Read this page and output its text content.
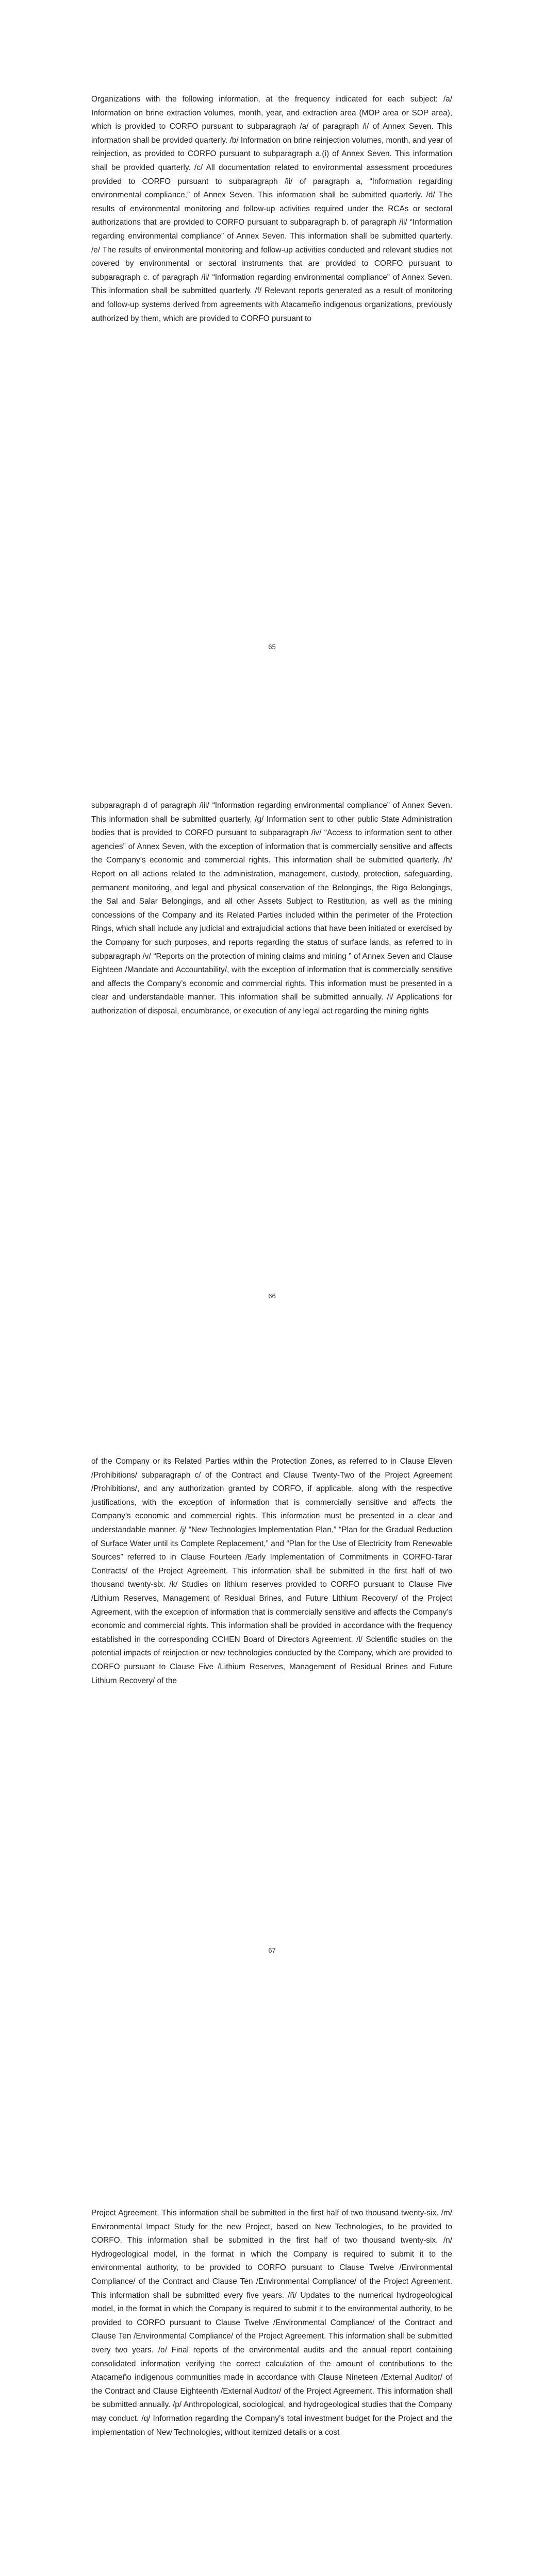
Organizations with the following information, at the frequency indicated for each subject: /a/ Information on brine extraction volumes, month, year, and extraction area (MOP area or SOP area), which is provided to CORFO pursuant to subparagraph /a/ of paragraph /i/ of Annex Seven. This information shall be provided quarterly. /b/ Information on brine reinjection volumes, month, and year of reinjection, as provided to CORFO pursuant to subparagraph a.(i) of Annex Seven. This information shall be provided quarterly. /c/ All documentation related to environmental assessment procedures provided to CORFO pursuant to subparagraph /ii/ of paragraph a, “Information regarding environmental compliance,” of Annex Seven. This information shall be submitted quarterly. /d/ The results of environmental monitoring and follow-up activities required under the RCAs or sectoral authorizations that are provided to CORFO pursuant to subparagraph b. of paragraph /ii/ “Information regarding environmental compliance” of Annex Seven. This information shall be submitted quarterly. /e/ The results of environmental monitoring and follow-up activities conducted and relevant studies not covered by environmental or sectoral instruments that are provided to CORFO pursuant to subparagraph c. of paragraph /ii/ “Information regarding environmental compliance” of Annex Seven. This information shall be submitted quarterly. /f/ Relevant reports generated as a result of monitoring and follow-up systems derived from agreements with Atacameño indigenous organizations, previously authorized by them, which are provided to CORFO pursuant to

65

subparagraph d of paragraph /iii/ “Information regarding environmental compliance” of Annex Seven. This information shall be submitted quarterly. /g/ Information sent to other public State Administration bodies that is provided to CORFO pursuant to subparagraph /iv/ “Access to information sent to other agencies” of Annex Seven, with the exception of information that is commercially sensitive and affects the Company’s economic and commercial rights. This information shall be submitted quarterly. /h/ Report on all actions related to the administration, management, custody, protection, safeguarding, permanent monitoring, and legal and physical conservation of the Belongings, the Rigo Belongings, the Sal and Salar Belongings, and all other Assets Subject to Restitution, as well as the mining concessions of the Company and its Related Parties included within the perimeter of the Protection Rings, which shall include any judicial and extrajudicial actions that have been initiated or exercised by the Company for such purposes, and reports regarding the status of surface lands, as referred to in subparagraph /v/ “Reports on the protection of mining claims and mining ” of Annex Seven and Clause Eighteen /Mandate and Accountability/, with the exception of information that is commercially sensitive and affects the Company’s economic and commercial rights. This information must be presented in a clear and understandable manner. This information shall be submitted annually. /i/ Applications for authorization of disposal, encumbrance, or execution of any legal act regarding the mining rights

66

of the Company or its Related Parties within the Protection Zones, as referred to in Clause Eleven /Prohibitions/ subparagraph c/ of the Contract and Clause Twenty-Two of the Project Agreement /Prohibitions/, and any authorization granted by CORFO, if applicable, along with the respective justifications, with the exception of information that is commercially sensitive and affects the Company’s economic and commercial rights. This information must be presented in a clear and understandable manner. /j/ “New Technologies Implementation Plan,” “Plan for the Gradual Reduction of Surface Water until its Complete Replacement,” and “Plan for the Use of Electricity from Renewable Sources” referred to in Clause Fourteen /Early Implementation of Commitments in CORFO-Tarar Contracts/ of the Project Agreement. This information shall be submitted in the first half of two thousand twenty-six. /k/ Studies on lithium reserves provided to CORFO pursuant to Clause Five /Lithium Reserves, Management of Residual Brines, and Future Lithium Recovery/ of the Project Agreement, with the exception of information that is commercially sensitive and affects the Company’s economic and commercial rights. This information shall be provided in accordance with the frequency established in the corresponding CCHEN Board of Directors Agreement. /l/ Scientific studies on the potential impacts of reinjection or new technologies conducted by the Company, which are provided to CORFO pursuant to Clause Five /Lithium Reserves, Management of Residual Brines and Future Lithium Recovery/ of the

67

Project Agreement. This information shall be submitted in the first half of two thousand twenty-six. /m/ Environmental Impact Study for the new Project, based on New Technologies, to be provided to CORFO. This information shall be submitted in the first half of two thousand twenty-six. /n/ Hydrogeological model, in the format in which the Company is required to submit it to the environmental authority, to be provided to CORFO pursuant to Clause Twelve /Environmental Compliance/ of the Contract and Clause Ten /Environmental Compliance/ of the Project Agreement. This information shall be submitted every five years. /ñ/ Updates to the numerical hydrogeological model, in the format in which the Company is required to submit it to the environmental authority, to be provided to CORFO pursuant to Clause Twelve /Environmental Compliance/ of the Contract and Clause Ten /Environmental Compliance/ of the Project Agreement. This information shall be submitted every two years. /o/ Final reports of the environmental audits and the annual report containing consolidated information verifying the correct calculation of the amount of contributions to the Atacameño indigenous communities made in accordance with Clause Nineteen /External Auditor/ of the Contract and Clause Eighteenth /External Auditor/ of the Project Agreement. This information shall be submitted annually. /p/ Anthropological, sociological, and hydrogeological studies that the Company may conduct. /q/ Information regarding the Company’s total investment budget for the Project and the implementation of New Technologies, without itemized details or a cost
